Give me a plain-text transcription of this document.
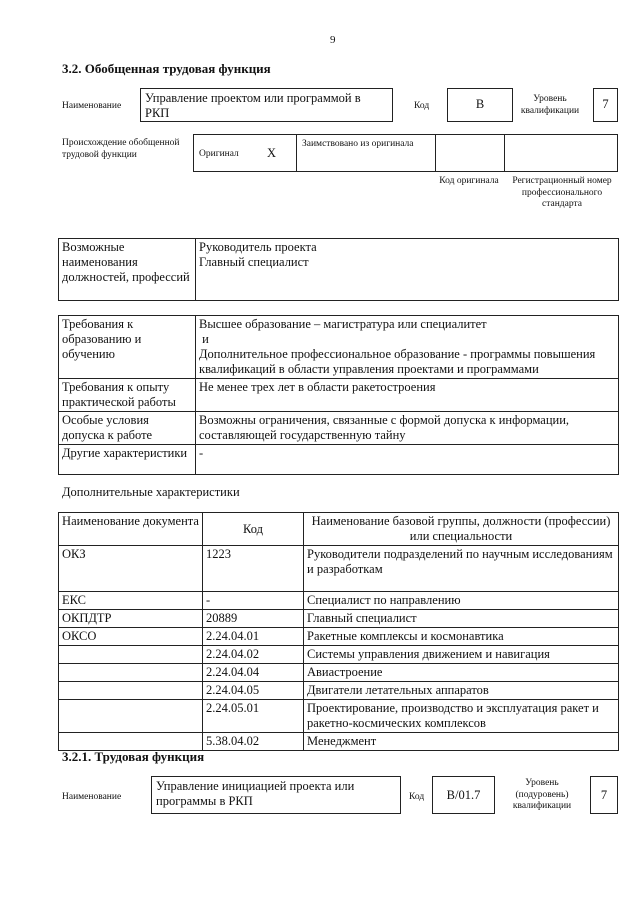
9
3.2. Обобщенная трудовая функция
Наименование
Управление проектом или программой в РКП	Код	B	Уровень квалификации	7
Происхождение обобщенной трудовой функции	Оригинал X
Заимствовано из оригинала
Код оригинала	Регистрационный номер профессионального стандарта
Возможные наименования должностей, профессий	
Руководитель проекта
Главный специалист
Требования к образованию и обучению	Высшее образование – магистратура или специалитет
и
Дополнительное профессиональное образование - программы повышения квалификаций в области управления проектами и программами

Требования к опыту практической работы	Не менее трех лет в области ракетостроения

Особые условия допуска к работе	Возможны ограничения, связанные с формой допуска к информации, составляющей государственную тайну

Другие характеристики	-
Дополнительные характеристики
Наименование документа	Код	Наименование базовой группы, должности (профессии) или специальности
ОКЗ	1223	Руководители подразделений по научным исследованиям и разработкам
ЕКС	-	Специалист по направлению
ОКПДТР	20889	Главный специалист
ОКСО	2.24.04.01	Ракетные комплексы и космонавтика
	2.24.04.02	Системы управления движением и навигация
	2.24.04.04	Авиастроение
	2.24.04.05	Двигатели летательных аппаратов
	2.24.05.01	Проектирование, производство и эксплуатация ракет и ракетно-космических комплексов
	5.38.04.02	Менеджмент
3.2.1. Трудовая функция
Наименование
Управление инициацией проекта или программы в РКП	Код	B/01.7
Уровень (подуровень) квалификации
7
